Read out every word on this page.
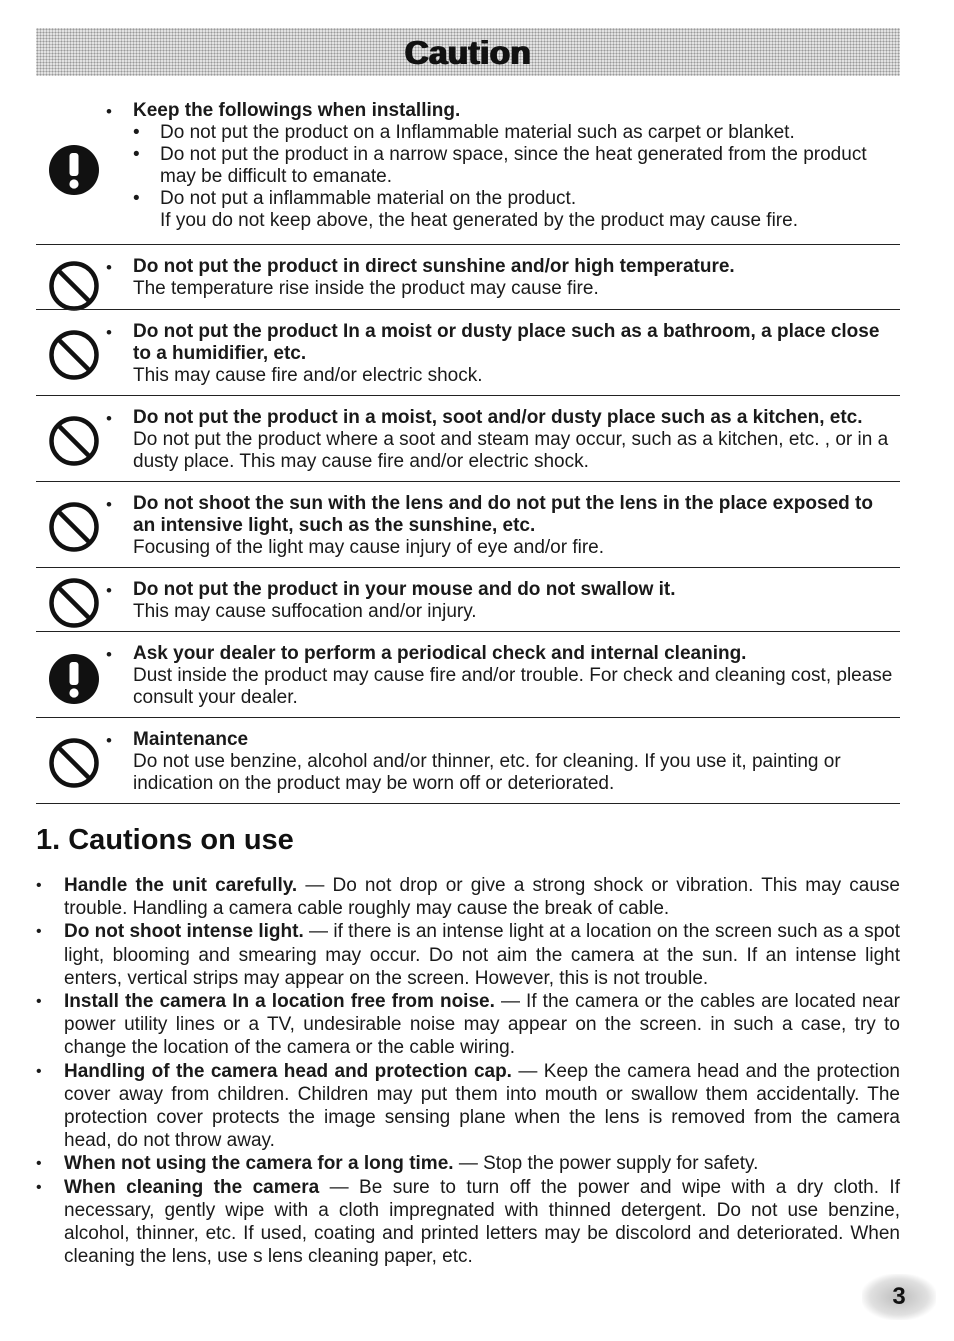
Caution
• Keep the followings when installing.
• Do not put the product on a Inflammable material such as carpet or blanket.
• Do not put the product in a narrow space, since the heat generated from the product may be difficult to emanate.
• Do not put a inflammable material on the product.
If you do not keep above, the heat generated by the product may cause fire.
• Do not put the product in direct sunshine and/or high temperature.
The temperature rise inside the product may cause fire.
• Do not put the product In a moist or dusty place such as a bathroom, a place close to a humidifier, etc.
This may cause fire and/or electric shock.
• Do not put the product in a moist, soot and/or dusty place such as a kitchen, etc.
Do not put the product where a soot and steam may occur, such as a kitchen, etc. , or in a dusty place. This may cause fire and/or electric shock.
• Do not shoot the sun with the lens and do not put the lens in the place exposed to an intensive light, such as the sunshine, etc.
Focusing of the light may cause injury of eye and/or fire.
• Do not put the product in your mouse and do not swallow it.
This may cause suffocation and/or injury.
• Ask your dealer to perform a periodical check and internal cleaning.
Dust inside the product may cause fire and/or trouble. For check and cleaning cost, please consult your dealer.
• Maintenance
Do not use benzine, alcohol and/or thinner, etc. for cleaning. If you use it, painting or indication on the product may be worn off or deteriorated.
1. Cautions on use
• Handle the unit carefully. — Do not drop or give a strong shock or vibration. This may cause trouble. Handling a camera cable roughly may cause the break of cable.
• Do not shoot intense light. — if there is an intense light at a location on the screen such as a spot light, blooming and smearing may occur. Do not aim the camera at the sun. If an intense light enters, vertical strips may appear on the screen. However, this is not trouble.
• Install the camera In a location free from noise. — If the camera or the cables are located near power utility lines or a TV, undesirable noise may appear on the screen. in such a case, try to change the location of the camera or the cable wiring.
• Handling of the camera head and protection cap. — Keep the camera head and the protection cover away from children. Children may put them into mouth or swallow them accidentally. The protection cover protects the image sensing plane when the lens is removed from the camera head, do not throw away.
• When not using the camera for a long time. — Stop the power supply for safety.
• When cleaning the camera — Be sure to turn off the power and wipe with a dry cloth. If necessary, gently wipe with a cloth impregnated with thinned detergent. Do not use benzine, alcohol, thinner, etc. If used, coating and printed letters may be discolord and deteriorated. When cleaning the lens, use s lens cleaning paper, etc.
3
